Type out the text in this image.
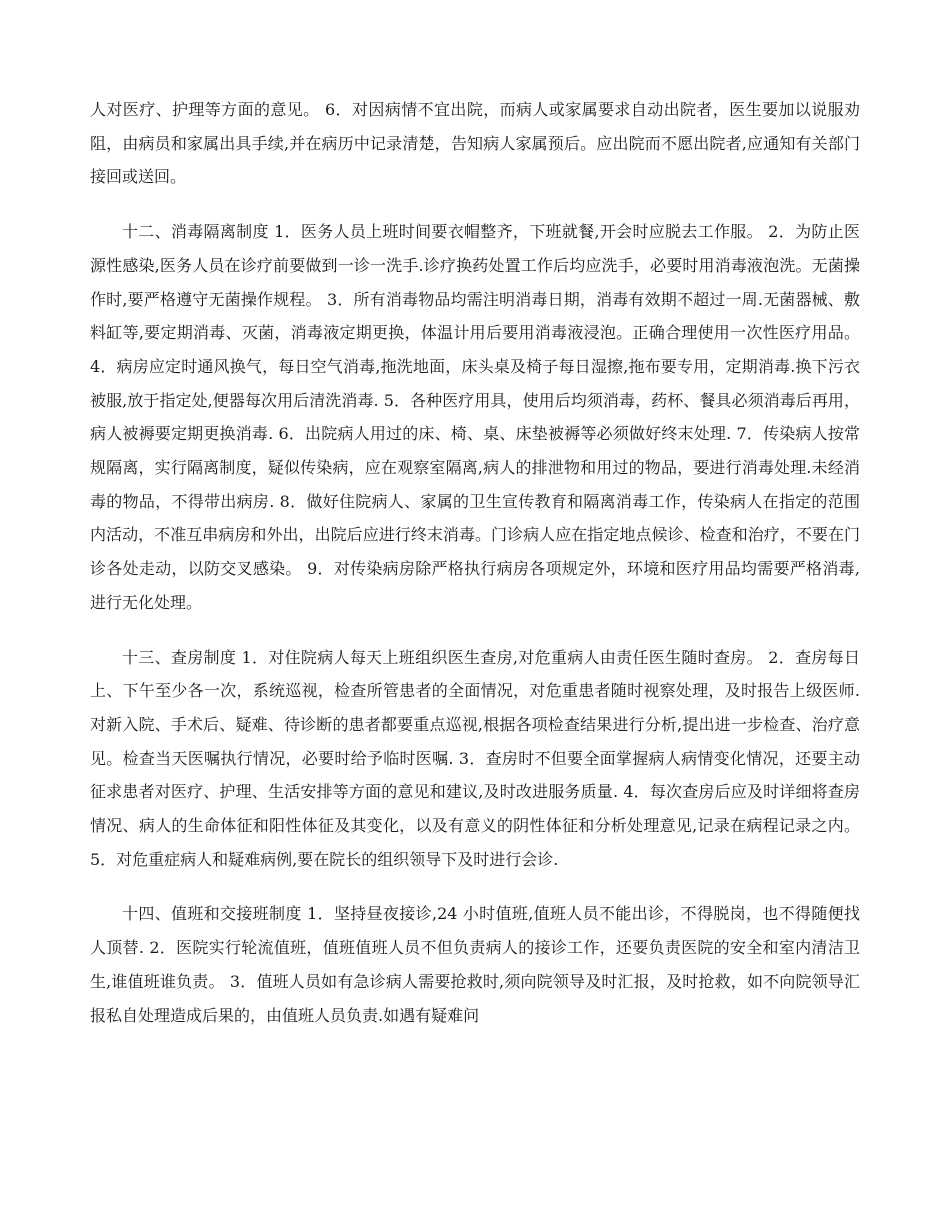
人对医疗、护理等方面的意见。 6．对因病情不宜出院，而病人或家属要求自动出院者，医生要加以说服劝阻，由病员和家属出具手续,并在病历中记录清楚，告知病人家属预后。应出院而不愿出院者,应通知有关部门接回或送回。

十二、消毒隔离制度 1．医务人员上班时间要衣帽整齐，下班就餐,开会时应脱去工作服。 2．为防止医源性感染,医务人员在诊疗前要做到一诊一洗手.诊疗换药处置工作后均应洗手，必要时用消毒液泡洗。无菌操作时,要严格遵守无菌操作规程。 3．所有消毒物品均需注明消毒日期，消毒有效期不超过一周.无菌器械、敷料缸等,要定期消毒、灭菌，消毒液定期更换，体温计用后要用消毒液浸泡。正确合理使用一次性医疗用品。 4．病房应定时通风换气，每日空气消毒,拖洗地面，床头桌及椅子每日湿擦,拖布要专用，定期消毒.换下污衣被服,放于指定处,便器每次用后清洗消毒. 5．各种医疗用具，使用后均须消毒，药杯、餐具必须消毒后再用，病人被褥要定期更换消毒. 6．出院病人用过的床、椅、桌、床垫被褥等必须做好终末处理. 7．传染病人按常规隔离，实行隔离制度，疑似传染病，应在观察室隔离,病人的排泄物和用过的物品，要进行消毒处理.未经消毒的物品，不得带出病房. 8．做好住院病人、家属的卫生宣传教育和隔离消毒工作，传染病人在指定的范围内活动，不准互串病房和外出，出院后应进行终末消毒。门诊病人应在指定地点候诊、检查和治疗，不要在门诊各处走动，以防交叉感染。 9．对传染病房除严格执行病房各项规定外，环境和医疗用品均需要严格消毒,进行无化处理。

十三、查房制度 1．对住院病人每天上班组织医生查房,对危重病人由责任医生随时查房。 2．查房每日上、下午至少各一次，系统巡视，检查所管患者的全面情况，对危重患者随时视察处理，及时报告上级医师.对新入院、手术后、疑难、待诊断的患者都要重点巡视,根据各项检查结果进行分析,提出进一步检查、治疗意见。检查当天医嘱执行情况，必要时给予临时医嘱. 3．查房时不但要全面掌握病人病情变化情况，还要主动征求患者对医疗、护理、生活安排等方面的意见和建议,及时改进服务质量. 4．每次查房后应及时详细将查房情况、病人的生命体征和阳性体征及其变化，以及有意义的阴性体征和分析处理意见,记录在病程记录之内。 5．对危重症病人和疑难病例,要在院长的组织领导下及时进行会诊.

十四、值班和交接班制度 1．坚持昼夜接诊,24 小时值班,值班人员不能出诊，不得脱岗，也不得随便找人顶替. 2．医院实行轮流值班，值班值班人员不但负责病人的接诊工作，还要负责医院的安全和室内清洁卫生,谁值班谁负责。 3．值班人员如有急诊病人需要抢救时,须向院领导及时汇报，及时抢救，如不向院领导汇报私自处理造成后果的，由值班人员负责.如遇有疑难问
